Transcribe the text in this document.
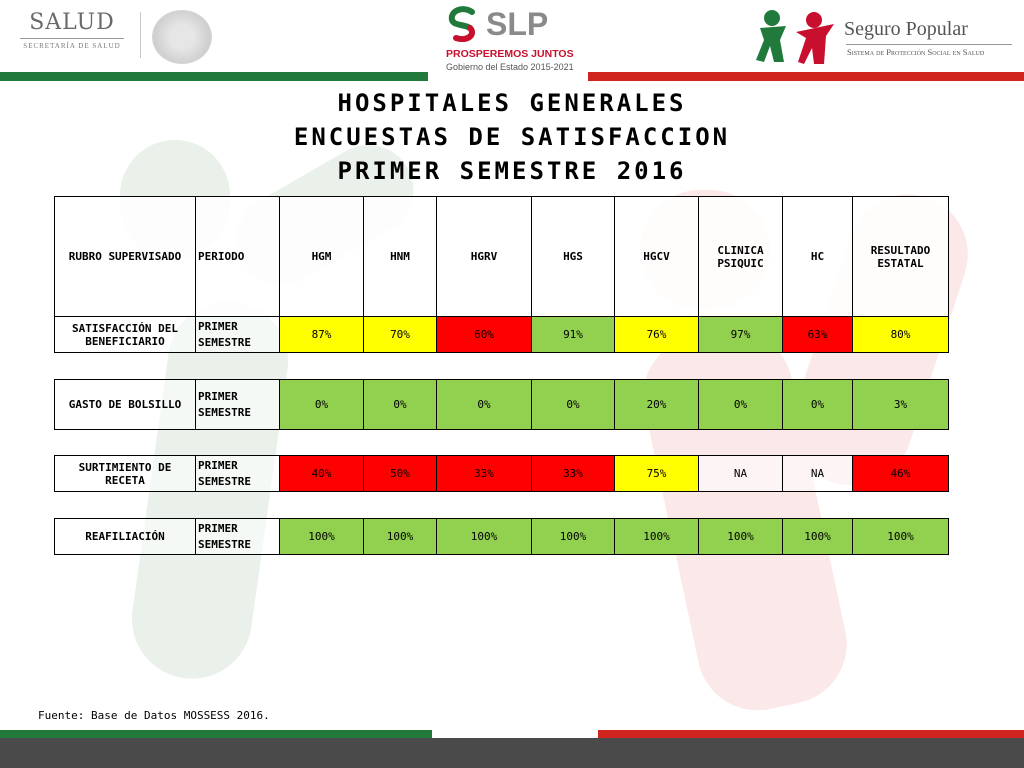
SALUD
SECRETARÍA DE SALUD
SLP
PROSPEREMOS JUNTOS
Gobierno del Estado 2015-2021
Seguro Popular
Sistema de Protección Social en Salud
HOSPITALES GENERALES
ENCUESTAS DE SATISFACCION
PRIMER SEMESTRE 2016
RUBRO SUPERVISADO	PERIODO	HGM	HNM	HGRV	HGS	HGCV	CLINICA PSIQUIC	HC	RESULTADO ESTATAL
SATISFACCIÓN DEL BENEFICIARIO	PRIMER SEMESTRE	87%	70%	60%	91%	76%	97%	63%	80%
GASTO DE BOLSILLO	PRIMER SEMESTRE	0%	0%	0%	0%	20%	0%	0%	3%
SURTIMIENTO DE RECETA	PRIMER SEMESTRE	40%	50%	33%	33%	75%	NA	NA	46%
REAFILIACIÓN	PRIMER SEMESTRE	100%	100%	100%	100%	100%	100%	100%	100%
Fuente: Base de Datos MOSSESS 2016.
